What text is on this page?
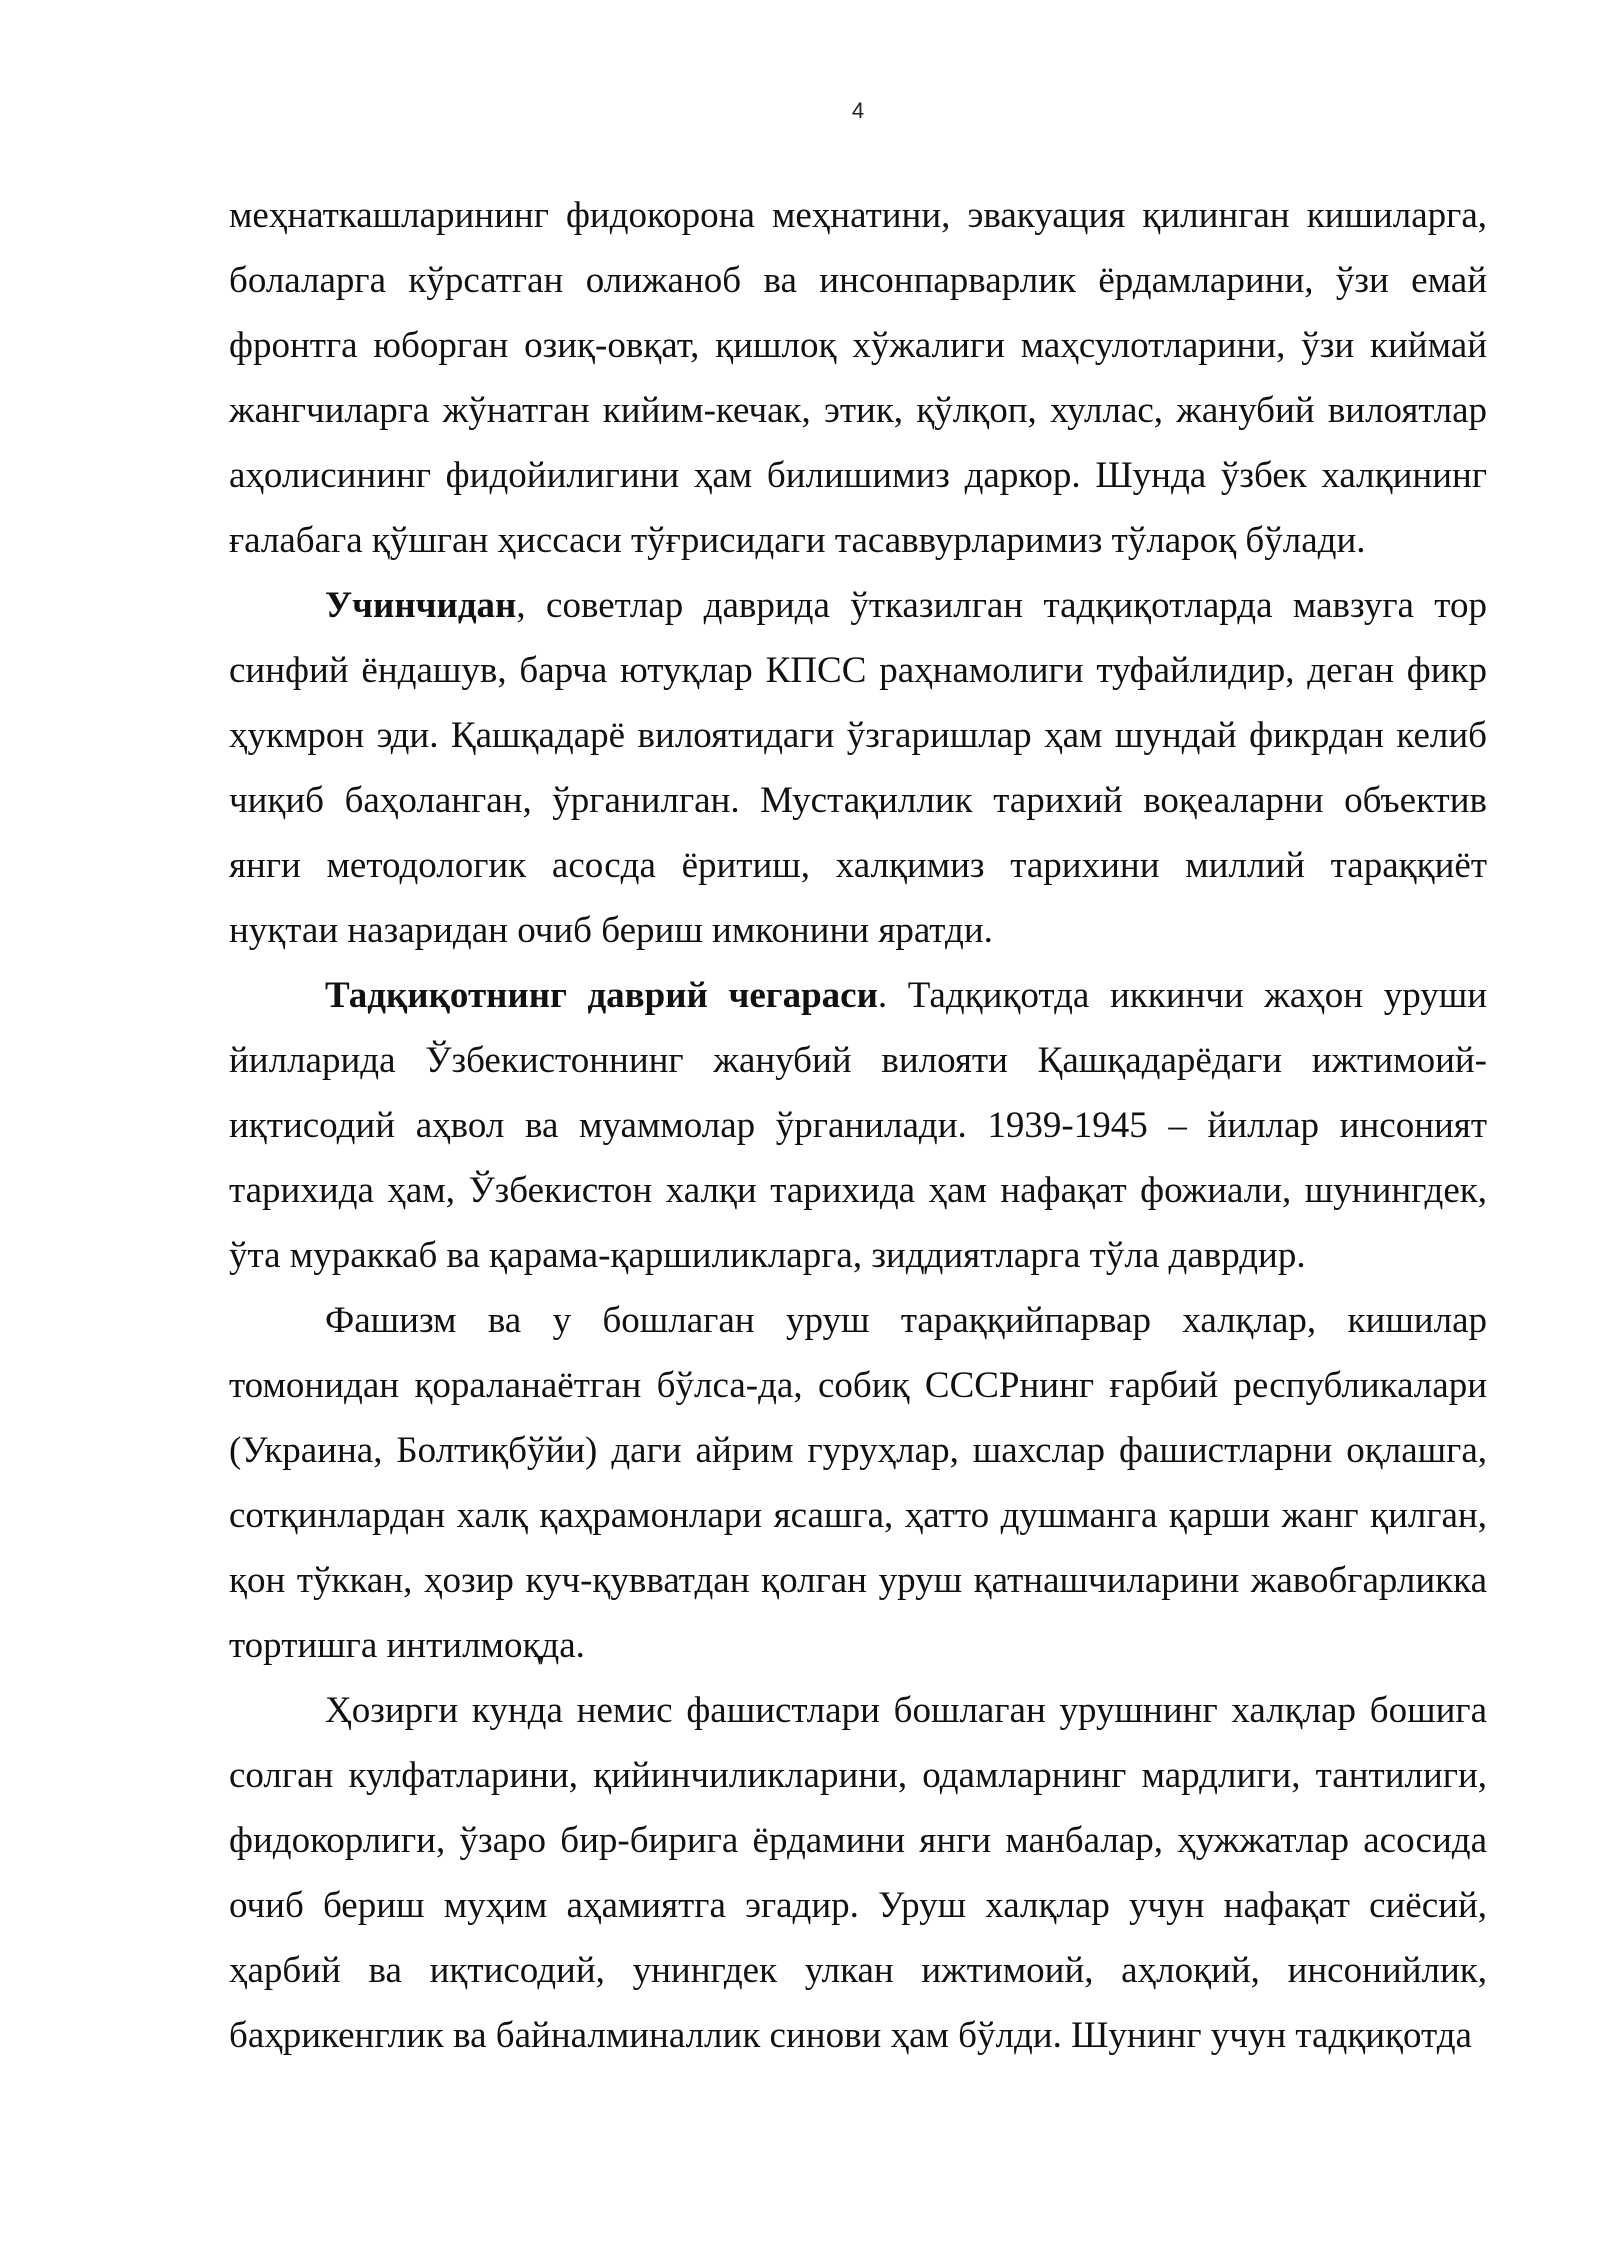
4

меҳнаткашларининг фидокорона меҳнатини, эвакуация қилинган кишиларга, болаларга кўрсатган олижаноб ва инсонпарварлик ёрдамларини, ўзи емай фронтга юборган озиқ-овқат, қишлоқ хўжалиги маҳсулотларини, ўзи киймай жангчиларга жўнатган кийим-кечак, этик, қўлқоп, хуллас, жанубий вилоятлар аҳолисининг фидойилигини ҳам билишимиз даркор. Шунда ўзбек халқининг ғалабага қўшган ҳиссаси тўғрисидаги тасаввурларимиз тўлароқ бўлади.

Учинчидан, советлар даврида ўтказилган тадқиқотларда мавзуга тор синфий ёндашув, барча ютуқлар КПСС раҳнамолиги туфайлидир, деган фикр ҳукмрон эди. Қашқадарё вилоятидаги ўзгаришлар ҳам шундай фикрдан келиб чиқиб баҳоланган, ўрганилган. Мустақиллик тарихий воқеаларни объектив янги методологик асосда ёритиш, халқимиз тарихини миллий тараққиёт нуқтаи назаридан очиб бериш имконини яратди.

Тадқиқотнинг даврий чегараси. Тадқиқотда иккинчи жаҳон уруши йилларида Ўзбекистоннинг жанубий вилояти Қашқадарёдаги ижтимоий-иқтисодий аҳвол ва муаммолар ўрганилади. 1939-1945 – йиллар инсоният тарихида ҳам, Ўзбекистон халқи тарихида ҳам нафақат фожиали, шунингдек, ўта мураккаб ва қарама-қаршиликларга, зиддиятларга тўла даврдир.

Фашизм ва у бошлаган уруш тараққийпарвар халқлар, кишилар томонидан қораланаётган бўлса-да, собиқ СССРнинг ғарбий республикалари (Украина, Болтиқбўйи) даги айрим гуруҳлар, шахслар фашистларни оқлашга, сотқинлардан халқ қаҳрамонлари ясашга, ҳатто душманга қарши жанг қилган, қон тўккан, ҳозир куч-қувватдан қолган уруш қатнашчиларини жавобгарликка тортишга интилмоқда.

Ҳозирги кунда немис фашистлари бошлаган урушнинг халқлар бошига солган кулфатларини, қийинчиликларини, одамларнинг мардлиги, тантилиги, фидокорлиги, ўзаро бир-бирига ёрдамини янги манбалар, ҳужжатлар асосида очиб бериш муҳим аҳамиятга эгадир. Уруш халқлар учун нафақат сиёсий, ҳарбий ва иқтисодий, унингдек улкан ижтимоий, аҳлоқий, инсонийлик, баҳрикенглик ва байналминаллик синови ҳам бўлди. Шунинг учун тадқиқотда
